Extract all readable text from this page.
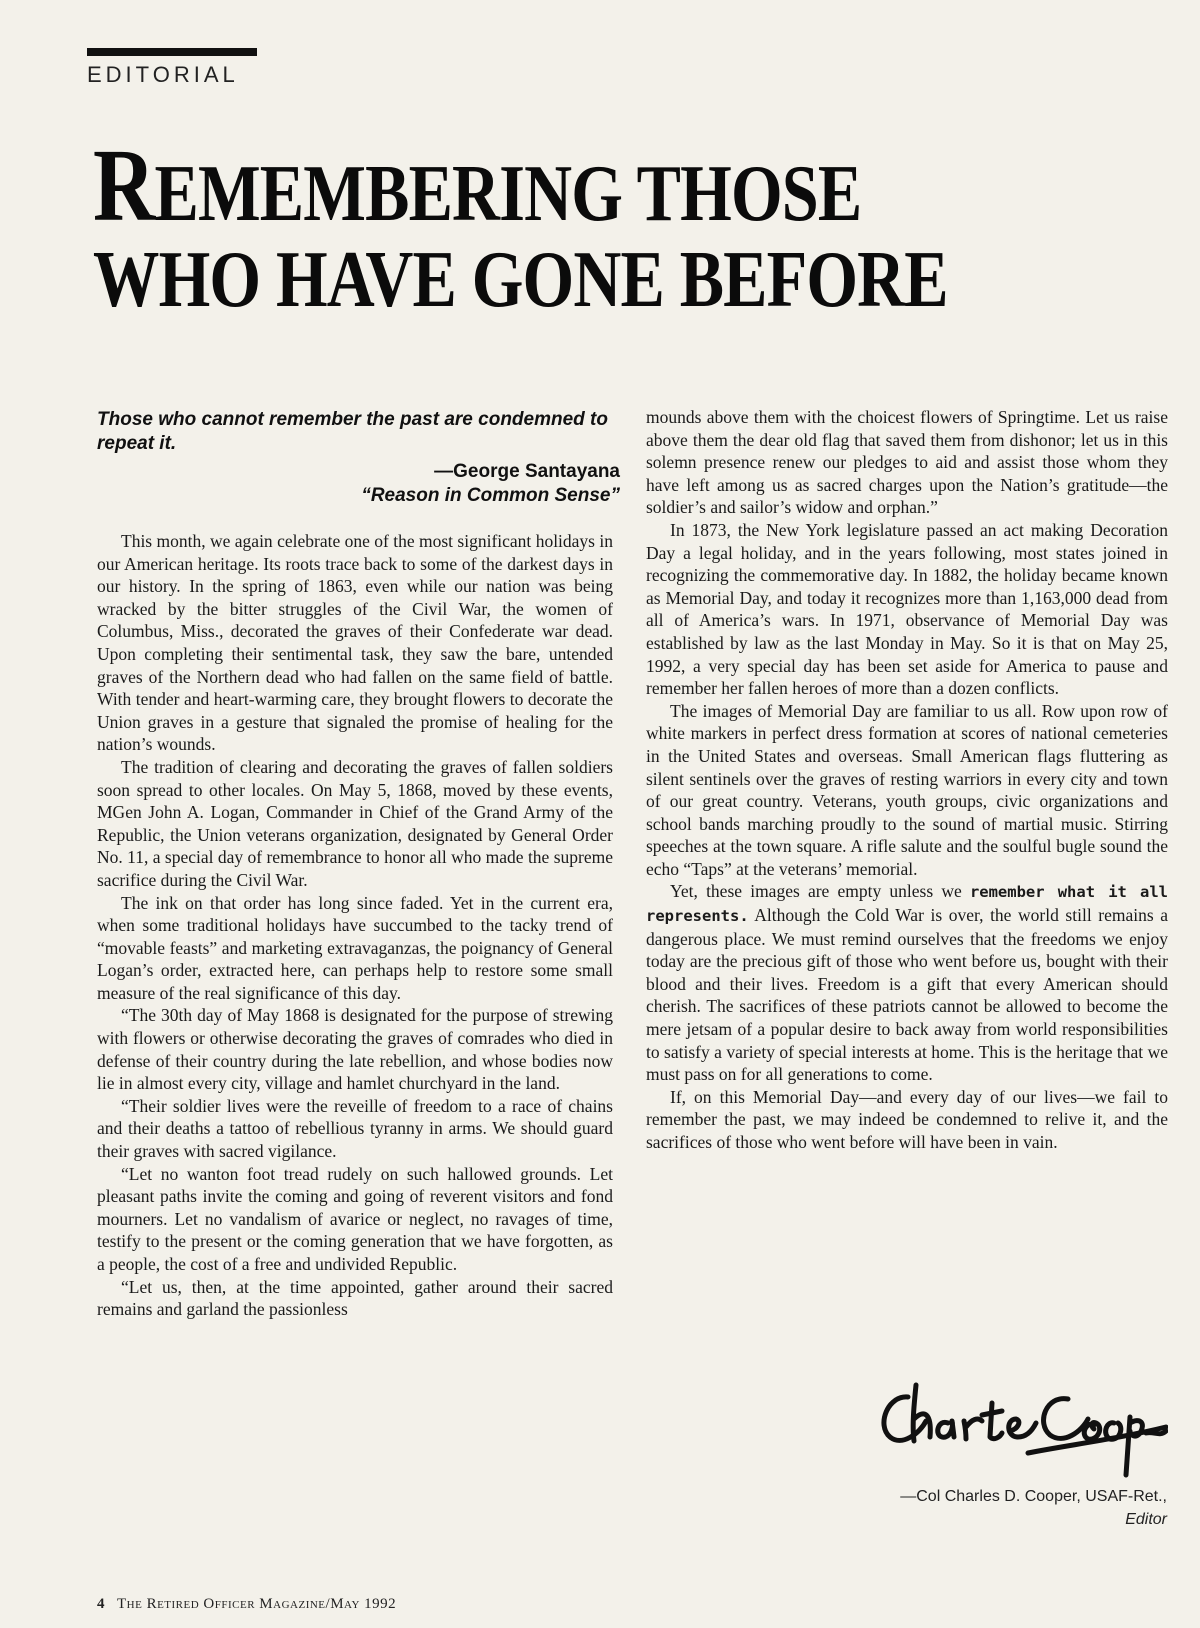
EDITORIAL
REMEMBERING THOSE
WHO HAVE GONE BEFORE
Those who cannot remember the past are condemned to repeat it.
—George Santayana
“Reason in Common Sense”

This month, we again celebrate one of the most significant holidays in our American heritage. Its roots trace back to some of the darkest days in our history. In the spring of 1863, even while our nation was being wracked by the bitter struggles of the Civil War, the women of Columbus, Miss., decorated the graves of their Confederate war dead. Upon completing their sentimental task, they saw the bare, untended graves of the Northern dead who had fallen on the same field of battle. With tender and heart-warming care, they brought flowers to decorate the Union graves in a gesture that signaled the promise of healing for the nation’s wounds.

The tradition of clearing and decorating the graves of fallen soldiers soon spread to other locales. On May 5, 1868, moved by these events, MGen John A. Logan, Commander in Chief of the Grand Army of the Republic, the Union veterans organization, designated by General Order No. 11, a special day of remembrance to honor all who made the supreme sacrifice during the Civil War.

The ink on that order has long since faded. Yet in the current era, when some traditional holidays have succumbed to the tacky trend of “movable feasts” and marketing extravaganzas, the poignancy of General Logan’s order, extracted here, can perhaps help to restore some small measure of the real significance of this day.

“The 30th day of May 1868 is designated for the purpose of strewing with flowers or otherwise decorating the graves of comrades who died in defense of their country during the late rebellion, and whose bodies now lie in almost every city, village and hamlet churchyard in the land.

“Their soldier lives were the reveille of freedom to a race of chains and their deaths a tattoo of rebellious tyranny in arms. We should guard their graves with sacred vigilance.

“Let no wanton foot tread rudely on such hallowed grounds. Let pleasant paths invite the coming and going of reverent visitors and fond mourners. Let no vandalism of avarice or neglect, no ravages of time, testify to the present or the coming generation that we have forgotten, as a people, the cost of a free and undivided Republic.

“Let us, then, at the time appointed, gather around their sacred remains and garland the passionless

mounds above them with the choicest flowers of Springtime. Let us raise above them the dear old flag that saved them from dishonor; let us in this solemn presence renew our pledges to aid and assist those whom they have left among us as sacred charges upon the Nation’s gratitude—the soldier’s and sailor’s widow and orphan.”

In 1873, the New York legislature passed an act making Decoration Day a legal holiday, and in the years following, most states joined in recognizing the commemorative day. In 1882, the holiday became known as Memorial Day, and today it recognizes more than 1,163,000 dead from all of America’s wars. In 1971, observance of Memorial Day was established by law as the last Monday in May. So it is that on May 25, 1992, a very special day has been set aside for America to pause and remember her fallen heroes of more than a dozen conflicts.

The images of Memorial Day are familiar to us all. Row upon row of white markers in perfect dress formation at scores of national cemeteries in the United States and overseas. Small American flags fluttering as silent sentinels over the graves of resting warriors in every city and town of our great country. Veterans, youth groups, civic organizations and school bands marching proudly to the sound of martial music. Stirring speeches at the town square. A rifle salute and the soulful bugle sound the echo “Taps” at the veterans’ memorial.

Yet, these images are empty unless we remember what it all represents. Although the Cold War is over, the world still remains a dangerous place. We must remind ourselves that the freedoms we enjoy today are the precious gift of those who went before us, bought with their blood and their lives. Freedom is a gift that every American should cherish. The sacrifices of these patriots cannot be allowed to become the mere jetsam of a popular desire to back away from world responsibilities to satisfy a variety of special interests at home. This is the heritage that we must pass on for all generations to come.

If, on this Memorial Day—and every day of our lives—we fail to remember the past, we may indeed be condemned to relive it, and the sacrifices of those who went before will have been in vain.

—Col Charles D. Cooper, USAF-Ret.,
Editor
4 The Retired Officer Magazine/May 1992
